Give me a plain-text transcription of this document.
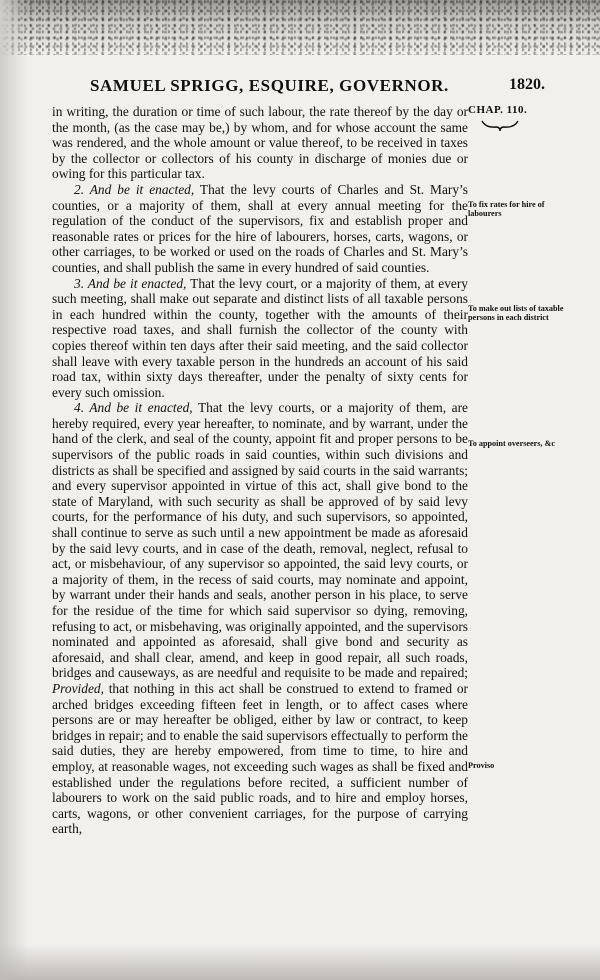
SAMUEL SPRIGG, ESQUIRE, GOVERNOR.	1820.
CHAP. 110.
To fix rates for hire of labourers
To make out lists of taxable persons in each district
To appoint overseers, &c
Proviso

in writing, the duration or time of such labour, the rate thereof by the day or the month, (as the case may be,) by whom, and for whose account the same was rendered, and the whole amount or value thereof, to be received in taxes by the collector or collectors of his county in discharge of monies due or owing for this particular tax.

2. And be it enacted, That the levy courts of Charles and St. Mary’s counties, or a majority of them, shall at every annual meeting for the regulation of the conduct of the supervisors, fix and establish proper and reasonable rates or prices for the hire of labourers, horses, carts, wagons, or other carriages, to be worked or used on the roads of Charles and St. Mary’s counties, and shall publish the same in every hundred of said counties.

3. And be it enacted, That the levy court, or a majority of them, at every such meeting, shall make out separate and distinct lists of all taxable persons in each hundred within the county, together with the amounts of their respective road taxes, and shall furnish the collector of the county with copies thereof within ten days after their said meeting, and the said collector shall leave with every taxable person in the hundreds an account of his said road tax, within sixty days thereafter, under the penalty of sixty cents for every such omission.

4. And be it enacted, That the levy courts, or a majority of them, are hereby required, every year hereafter, to nominate, and by warrant, under the hand of the clerk, and seal of the county, appoint fit and proper persons to be supervisors of the public roads in said counties, within such divisions and districts as shall be specified and assigned by said courts in the said warrants; and every supervisor appointed in virtue of this act, shall give bond to the state of Maryland, with such security as shall be approved of by said levy courts, for the performance of his duty, and such supervisors, so appointed, shall continue to serve as such until a new appointment be made as aforesaid by the said levy courts, and in case of the death, removal, neglect, refusal to act, or misbehaviour, of any supervisor so appointed, the said levy courts, or a majority of them, in the recess of said courts, may nominate and appoint, by warrant under their hands and seals, another person in his place, to serve for the residue of the time for which said supervisor so dying, removing, refusing to act, or misbehaving, was originally appointed, and the supervisors nominated and appointed as aforesaid, shall give bond and security as aforesaid, and shall clear, amend, and keep in good repair, all such roads, bridges and causeways, as are needful and requisite to be made and repaired; Provided, that nothing in this act shall be construed to extend to framed or arched bridges exceeding fifteen feet in length, or to affect cases where persons are or may hereafter be obliged, either by law or contract, to keep bridges in repair; and to enable the said supervisors effectually to perform the said duties, they are hereby empowered, from time to time, to hire and employ, at reasonable wages, not exceeding such wages as shall be fixed and established under the regulations before recited, a sufficient number of labourers to work on the said public roads, and to hire and employ horses, carts, wagons, or other convenient carriages, for the purpose of carrying earth,
